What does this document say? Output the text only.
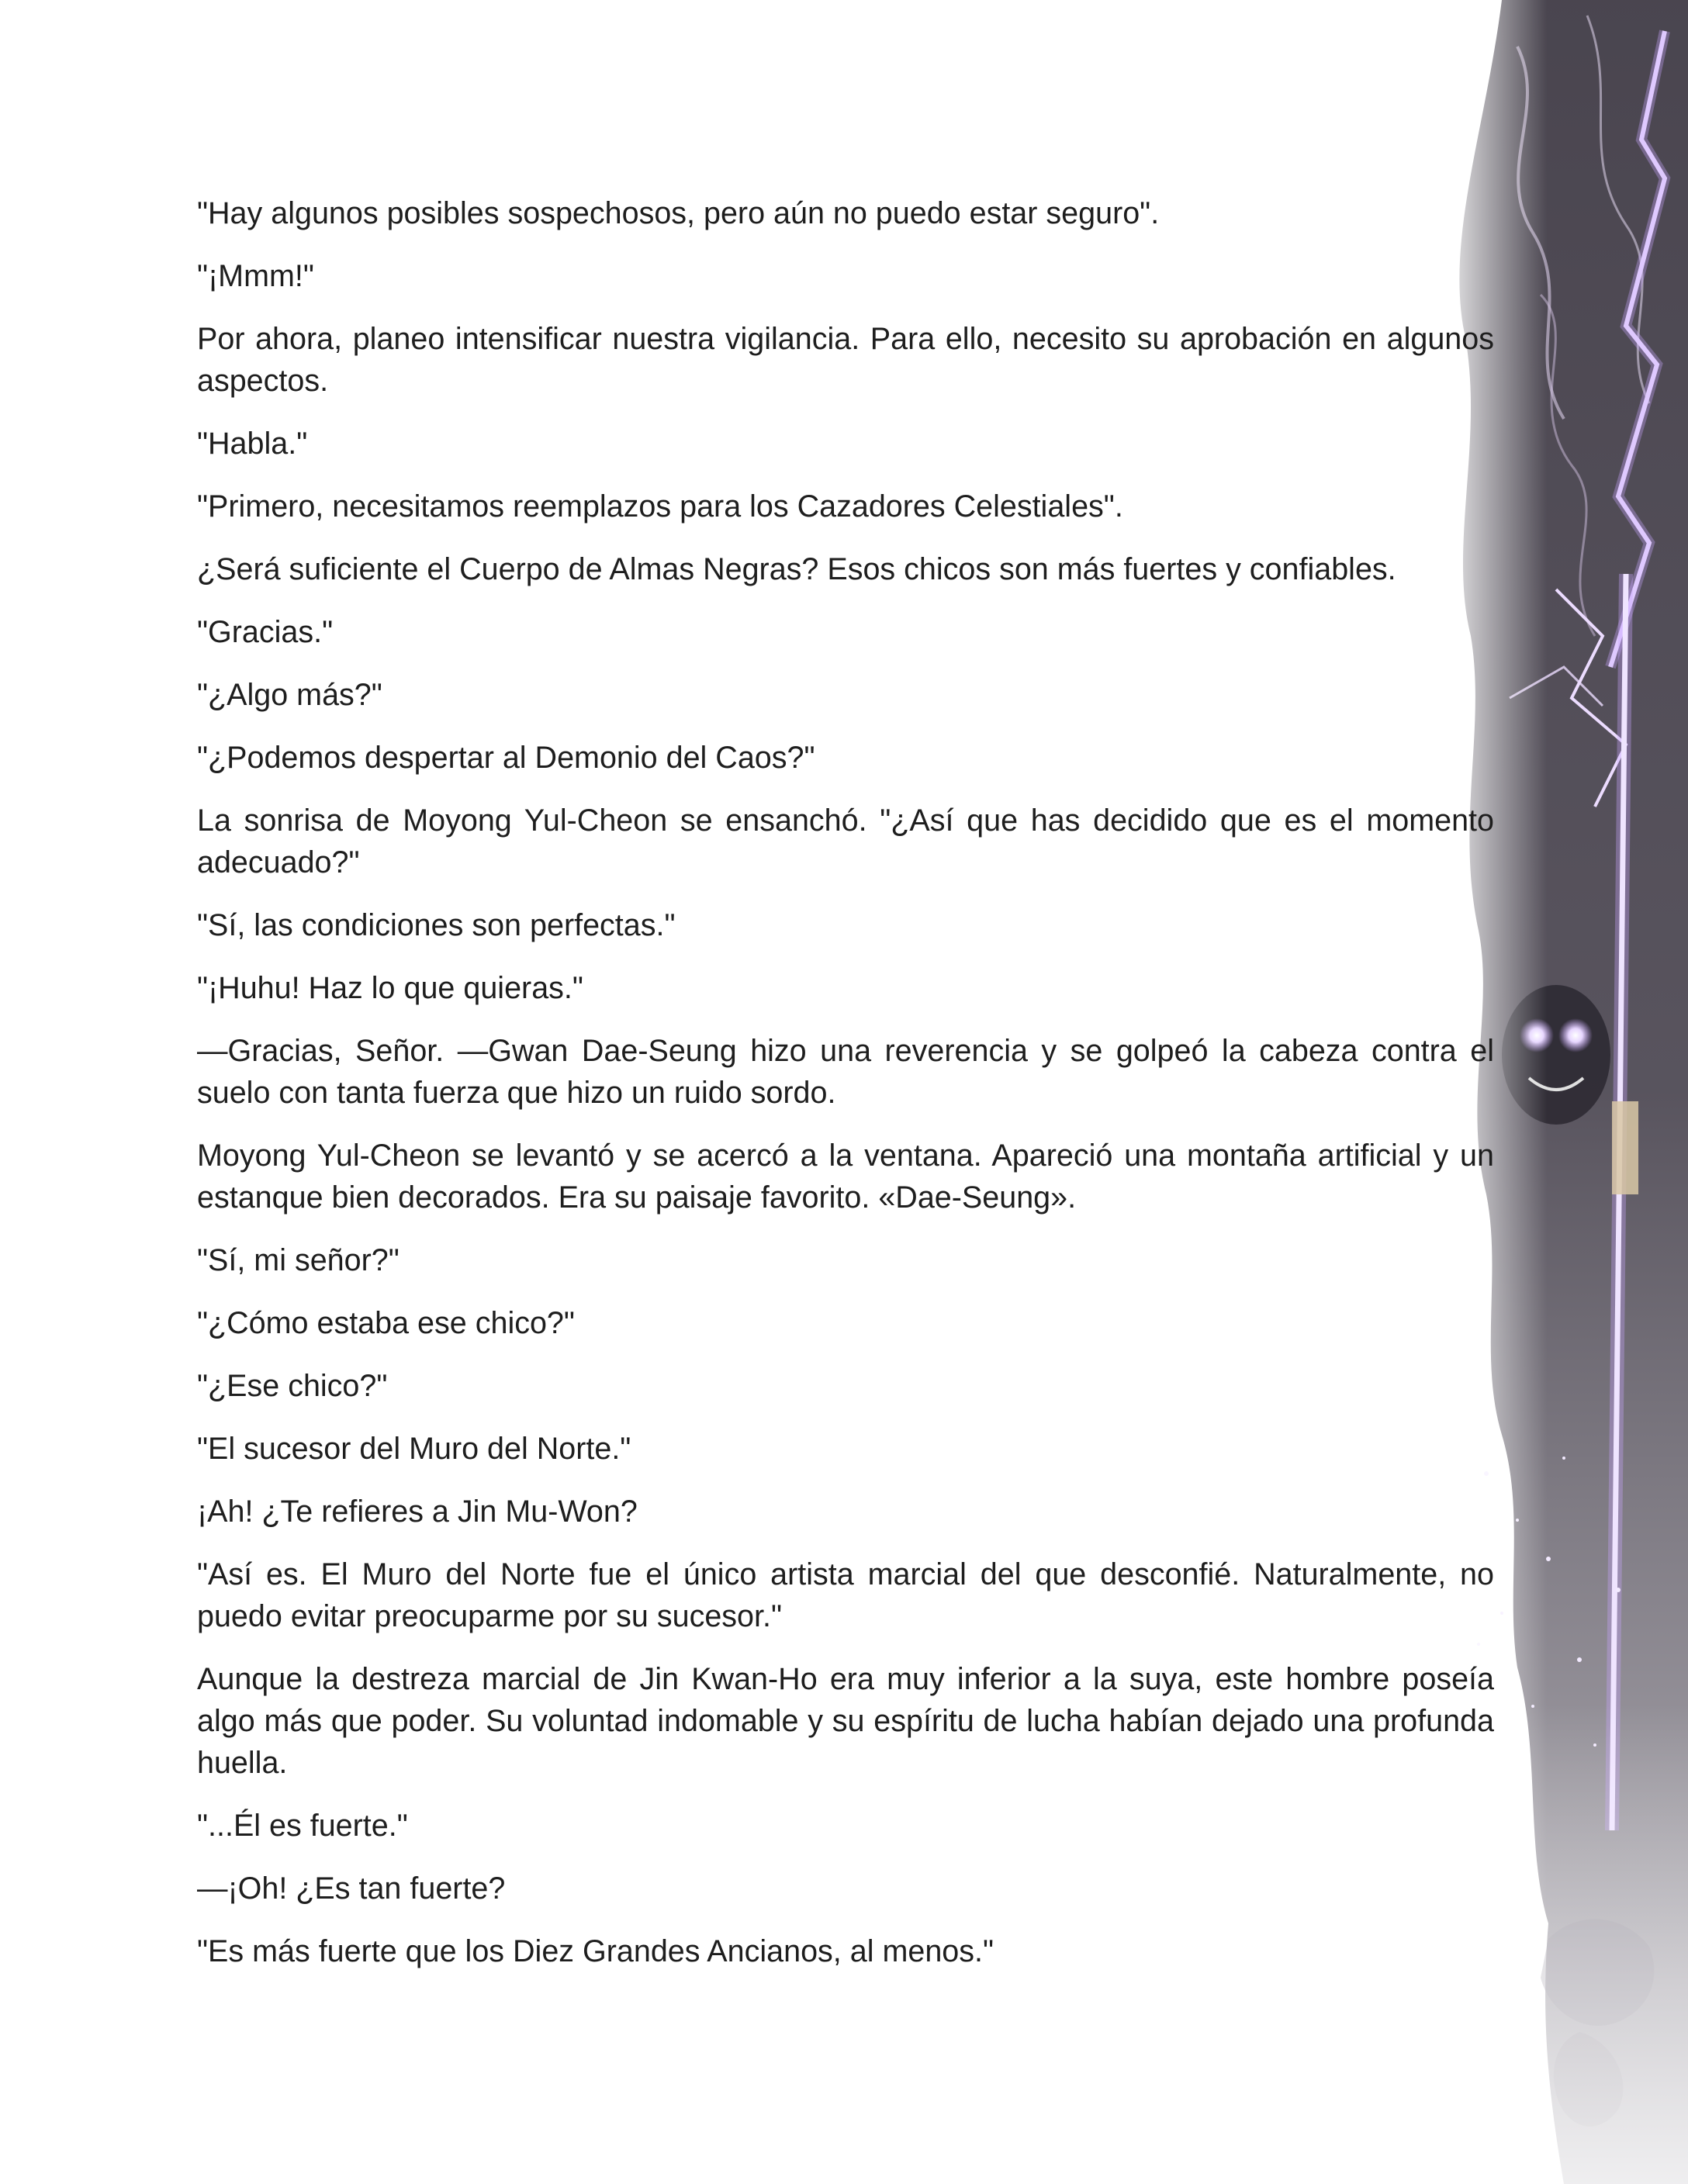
"Hay algunos posibles sospechosos, pero aún no puedo estar seguro".

"¡Mmm!"

Por ahora, planeo intensificar nuestra vigilancia. Para ello, necesito su aprobación en algunos aspectos.

"Habla."

"Primero, necesitamos reemplazos para los Cazadores Celestiales".

¿Será suficiente el Cuerpo de Almas Negras? Esos chicos son más fuertes y confiables.

"Gracias."

"¿Algo más?"

"¿Podemos despertar al Demonio del Caos?"

La sonrisa de Moyong Yul-Cheon se ensanchó. "¿Así que has decidido que es el momento adecuado?"

"Sí, las condiciones son perfectas."

"¡Huhu! Haz lo que quieras."

—Gracias, Señor. —Gwan Dae-Seung hizo una reverencia y se golpeó la cabeza contra el suelo con tanta fuerza que hizo un ruido sordo.

Moyong Yul-Cheon se levantó y se acercó a la ventana. Apareció una montaña artificial y un estanque bien decorados. Era su paisaje favorito. «Dae-Seung».

"Sí, mi señor?"

"¿Cómo estaba ese chico?"

"¿Ese chico?"

"El sucesor del Muro del Norte."

¡Ah! ¿Te refieres a Jin Mu-Won?

"Así es. El Muro del Norte fue el único artista marcial del que desconfié. Naturalmente, no puedo evitar preocuparme por su sucesor."

Aunque la destreza marcial de Jin Kwan-Ho era muy inferior a la suya, este hombre poseía algo más que poder. Su voluntad indomable y su espíritu de lucha habían dejado una profunda huella.

"...Él es fuerte."

—¡Oh! ¿Es tan fuerte?

"Es más fuerte que los Diez Grandes Ancianos, al menos."
